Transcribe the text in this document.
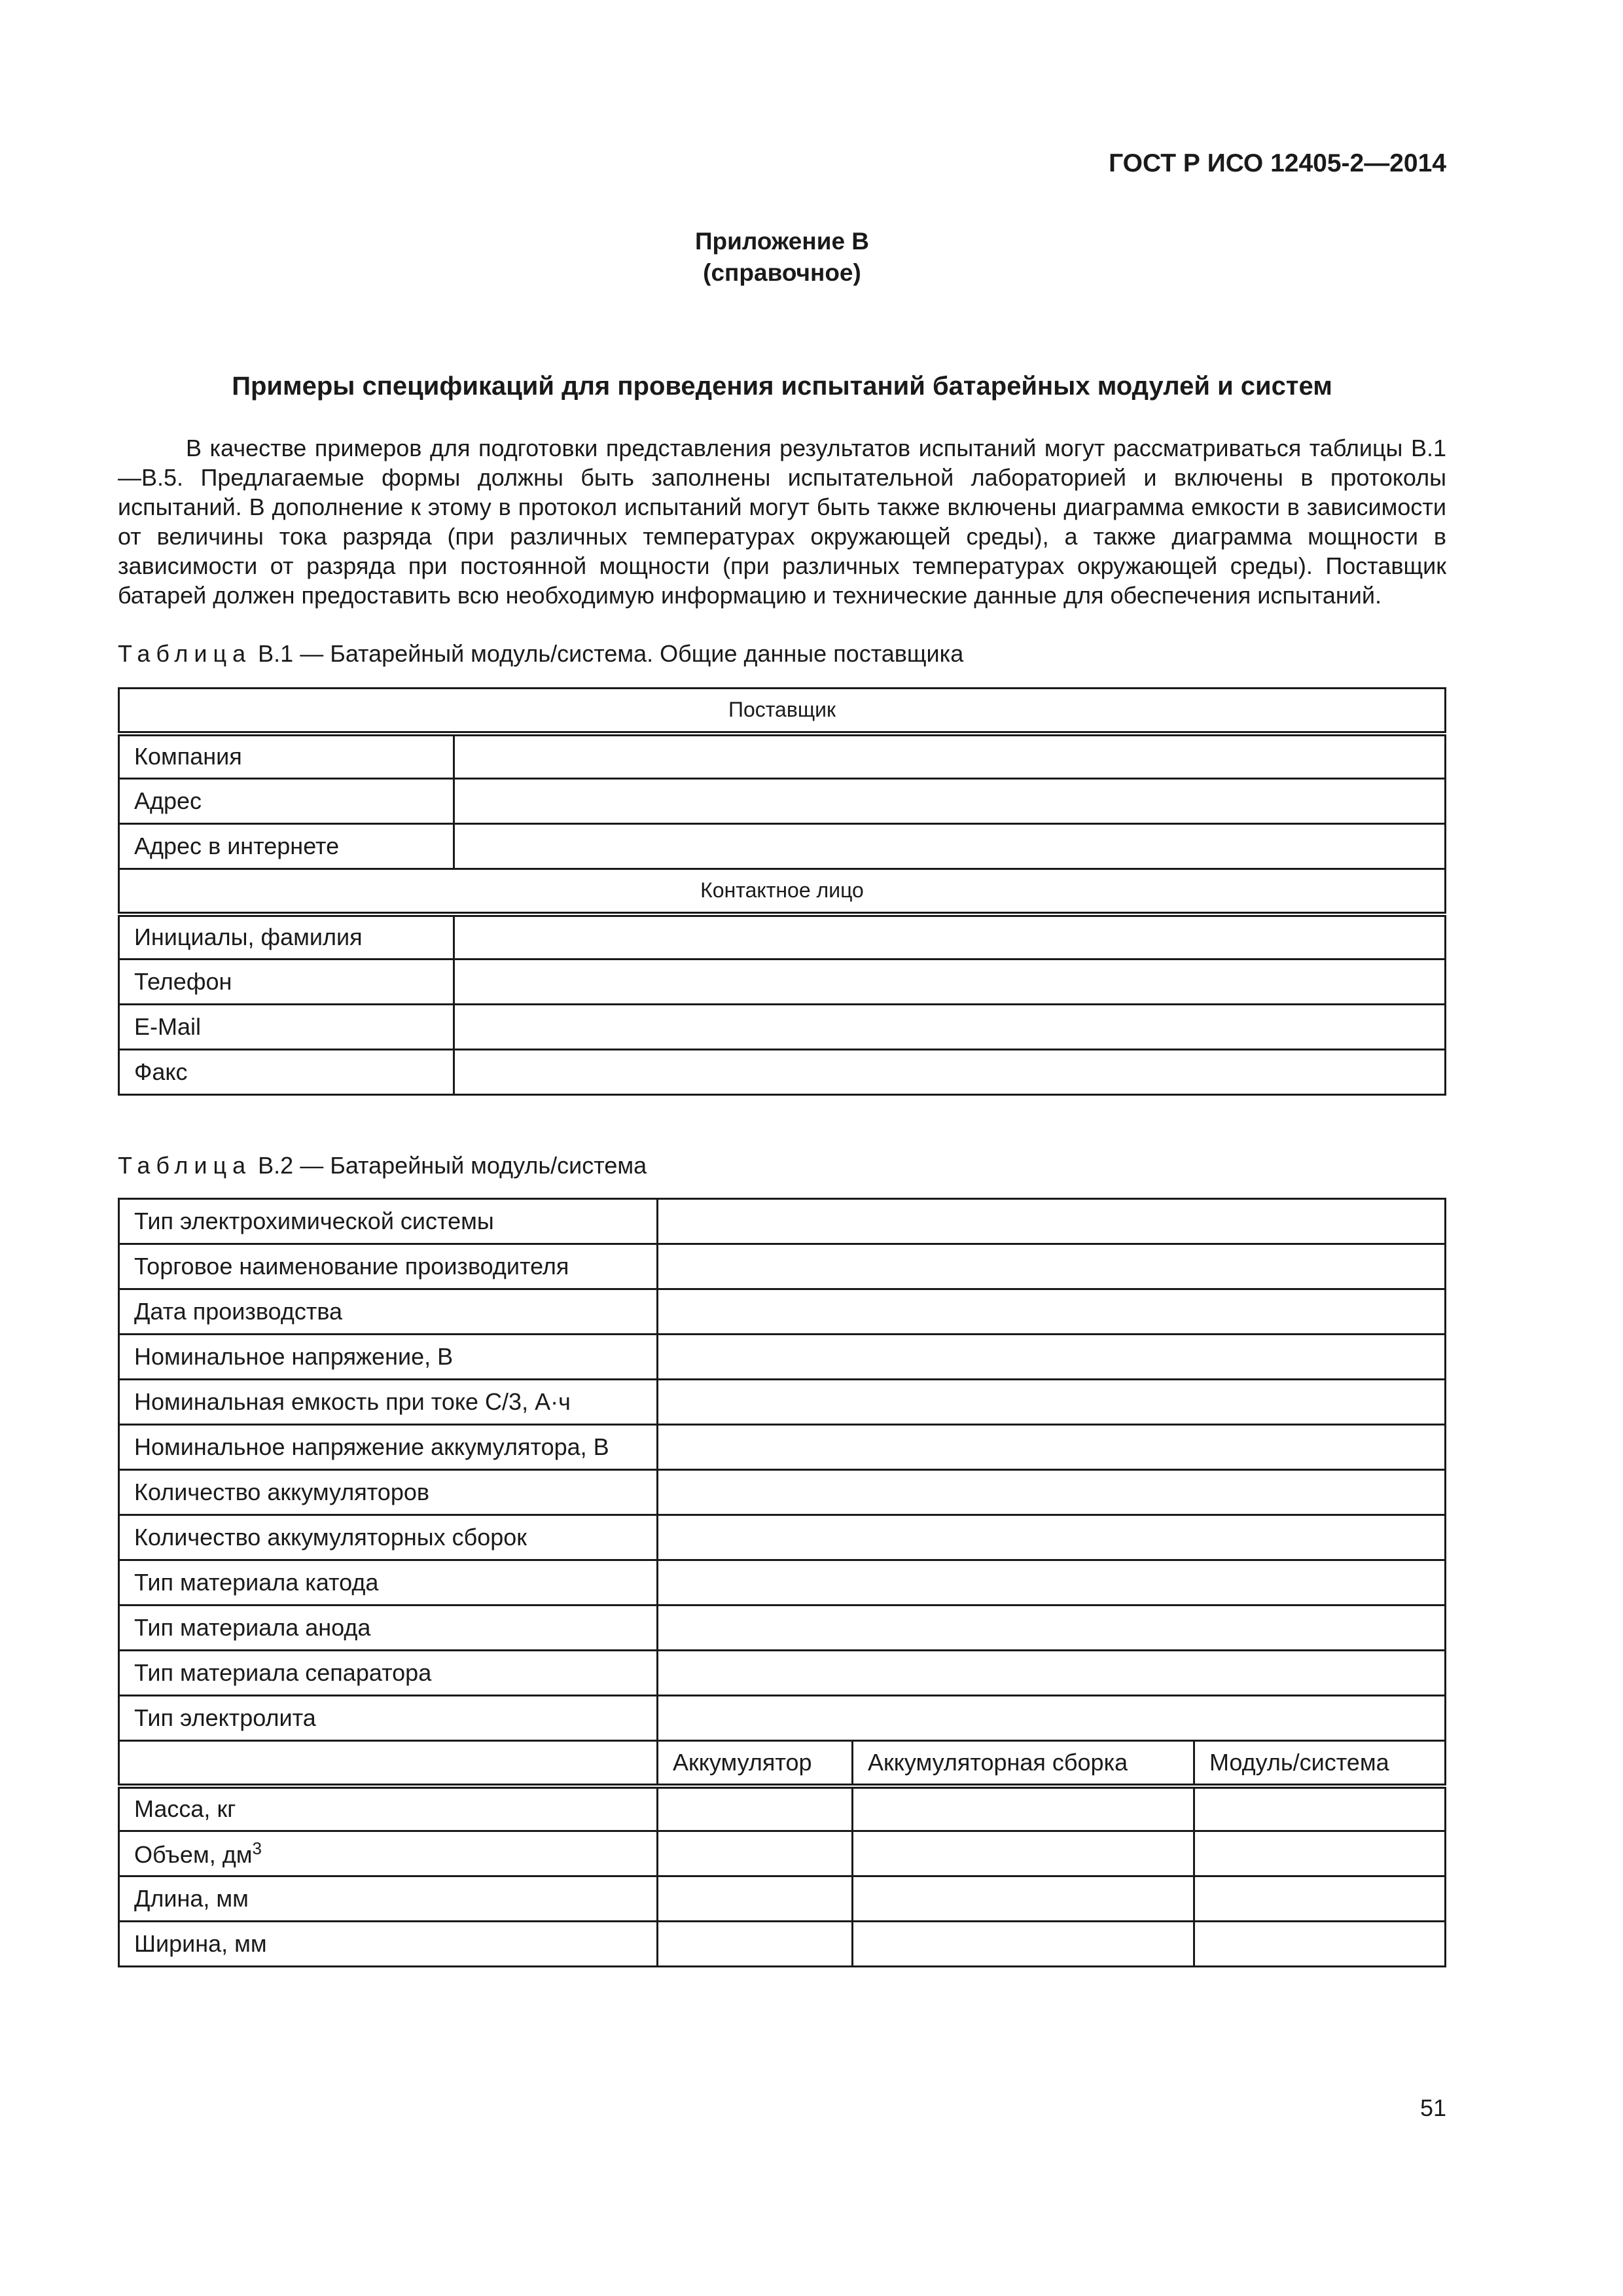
ГОСТ Р ИСО 12405-2—2014
Приложение В
(справочное)
Примеры спецификаций для проведения испытаний батарейных модулей и систем

В качестве примеров для подготовки представления результатов испытаний могут рассматриваться таблицы В.1—В.5. Предлагаемые формы должны быть заполнены испытательной лабораторией и включены в протоколы испытаний. В дополнение к этому в протокол испытаний могут быть также включены диаграмма емкости в зависимости от величины тока разряда (при различных температурах окружающей среды), а также диаграмма мощности в зависимости от разряда при постоянной мощности (при различных температурах окружающей среды). Поставщик батарей должен предоставить всю необходимую информацию и технические данные для обеспечения испытаний.

Таблица В.1 — Батарейный модуль/система. Общие данные поставщика
Поставщик	
Компания	
Адрес	
Адрес в интернете	
Контактное лицо	
Инициалы, фамилия	
Телефон	
E-Mail	
Факс	
Таблица В.2 — Батарейный модуль/система
Тип электрохимической системы			
Торговое наименование производителя			
Дата производства			
Номинальное напряжение, В			
Номинальная емкость при токе С/3, А·ч			
Номинальное напряжение аккумулятора, В			
Количество аккумуляторов			
Количество аккумуляторных сборок			
Тип материала катода			
Тип материала анода			
Тип материала сепаратора			
Тип электролита			
	Аккумулятор	Аккумуляторная сборка	Модуль/система
Масса, кг			
Объем, $дм^3$			
Длина, мм			
Ширина, мм			
51
